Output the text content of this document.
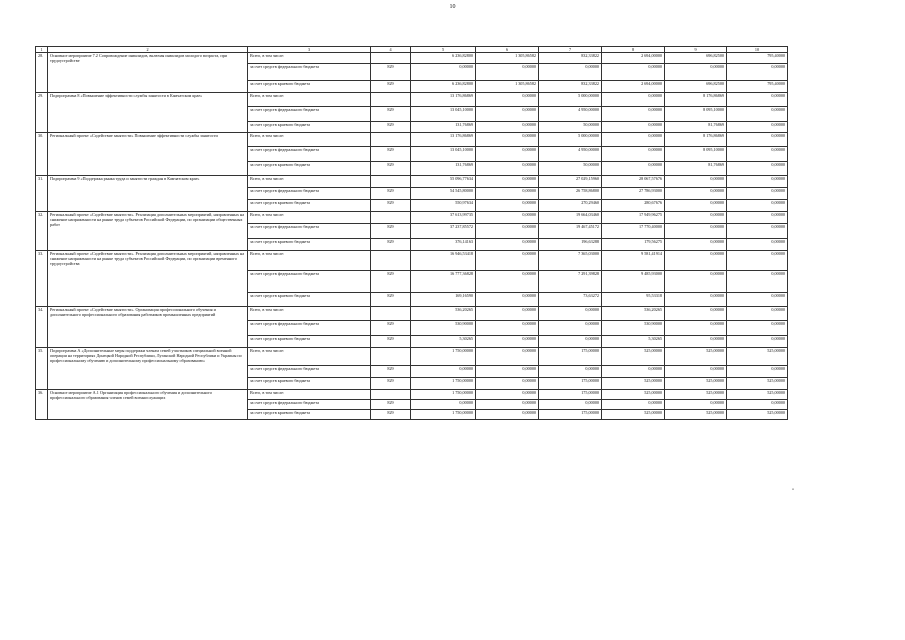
10
1	2	3	4	5	6	7	8	9	10
28.	Основное мероприятие 7.2 Сопровождение инвалидов, включая инвалидов молодого возраста, при трудоустройстве	Всего, в том числе:		6 236,82800	1 305,86582	832,33822	2 694,00000	696,82500	795,40000
		за счет средств федерального бюджета	829	0,00000	0,00000	0,00000	0,00000	0,00000	0,00000
		за счет средств краевого бюджета	829	6 236,82800	1 305,86582	832,33822	2 694,00000	696,82500	795,40000
29.	Подпрограмма 8 «Повышение эффективности службы занятости в Камчатском крае»	Всего, в том числе:		13 176,86869	0,00000	5 000,00000	0,00000	8 176,86869	0,00000
		за счет средств федерального бюджета	829	13 045,10000	0,00000	4 950,00000	0,00000	8 095,10000	0,00000
		за счет средств краевого бюджета	829	131,76869	0,00000	50,00000	0,00000	81,76869	0,00000
30.	Региональный проект «Содействие занятости» Повышение эффективности службы занятости	Всего, в том числе:		13 176,86869	0,00000	5 000,00000	0,00000	8 176,86869	0,00000
		за счет средств федерального бюджета	829	13 045,10000	0,00000	4 950,00000	0,00000	8 095,10000	0,00000
		за счет средств краевого бюджета	829	131,76869	0,00000	50,00000	0,00000	81,76869	0,00000
31.	Подпрограмма 9 «Поддержка рынка труда и занятости граждан в Камчатском крае»	Всего, в том числе:		55 096,77634	0,00000	27 029,15960	28 067,57676	0,00000	0,00000
		за счет средств федерального бюджета	829	54 545,80000	0,00000	26 758,86800	27 786,93000	0,00000	0,00000
		за счет средств краевого бюджета	829	550,97634	0,00000	270,29460	280,67676	0,00000	0,00000
32.	Региональный проект «Содействие занятости». Реализация дополнительных мероприятий, направленных на снижение напряженности на рынке труда субъектов Российской Федерации, по организации общественных работ	Всего, в том числе:		37 613,99735	0,00000	19 664,03460	17 949,96275	0,00000	0,00000
		за счет средств федерального бюджета	829	37 237,85572	0,00000	19 467,45172	17 770,40000	0,00000	0,00000
		за счет средств краевого бюджета	829	376,14163	0,00000	196,63288	179,56275	0,00000	0,00000
33.	Региональный проект «Содействие занятости». Реализация дополнительных мероприятий, направленных на снижение напряженности на рынке труда субъектов Российской Федерации, по организации временного трудоустройства	Всего, в том числе:		16 946,53418	0,00000	7 365,03000	9 581,41914	0,00000	0,00000
		за счет средств федерального бюджета	829	16 777,36828	0,00000	7 291,39828	9 485,93000	0,00000	0,00000
		за счет средств краевого бюджета	829	169,16590	0,00000	73,63272	95,53318	0,00000	0,00000
34.	Региональный проект «Содействие занятости». Организация профессионального обучения и дополнительного профессионального образования работников промышленных предприятий	Всего, в том числе:		536,20265	0,00000	0,00000	536,20265	0,00000	0,00000
		за счет средств федерального бюджета	829	530,90000	0,00000	0,00000	530,90000	0,00000	0,00000
		за счет средств краевого бюджета	829	5,30265	0,00000	0,00000	5,30265	0,00000	0,00000
35.	Подпрограмма А «Дополнительные меры поддержки членам семей участников специальной военной операции на территориях Донецкой Народной Республики, Луганской Народной Республики и Украины по профессиональному обучению и дополнительному профессиональному образованию»	Всего, в том числе:		1 750,00000	0,00000	175,00000	525,00000	525,00000	525,00000
		за счет средств федерального бюджета	829	0,00000	0,00000	0,00000	0,00000	0,00000	0,00000
		за счет средств краевого бюджета	829	1 750,00000	0,00000	175,00000	525,00000	525,00000	525,00000
36.	Основное мероприятие А.1 Организация профессионального обучения и дополнительного профессионального образования членов семей военнослужащих	Всего, в том числе:		1 750,00000	0,00000	175,00000	525,00000	525,00000	525,00000
		за счет средств федерального бюджета	829	0,00000	0,00000	0,00000	0,00000	0,00000	0,00000
		за счет средств краевого бюджета	829	1 750,00000	0,00000	175,00000	525,00000	525,00000	525,00000
»
